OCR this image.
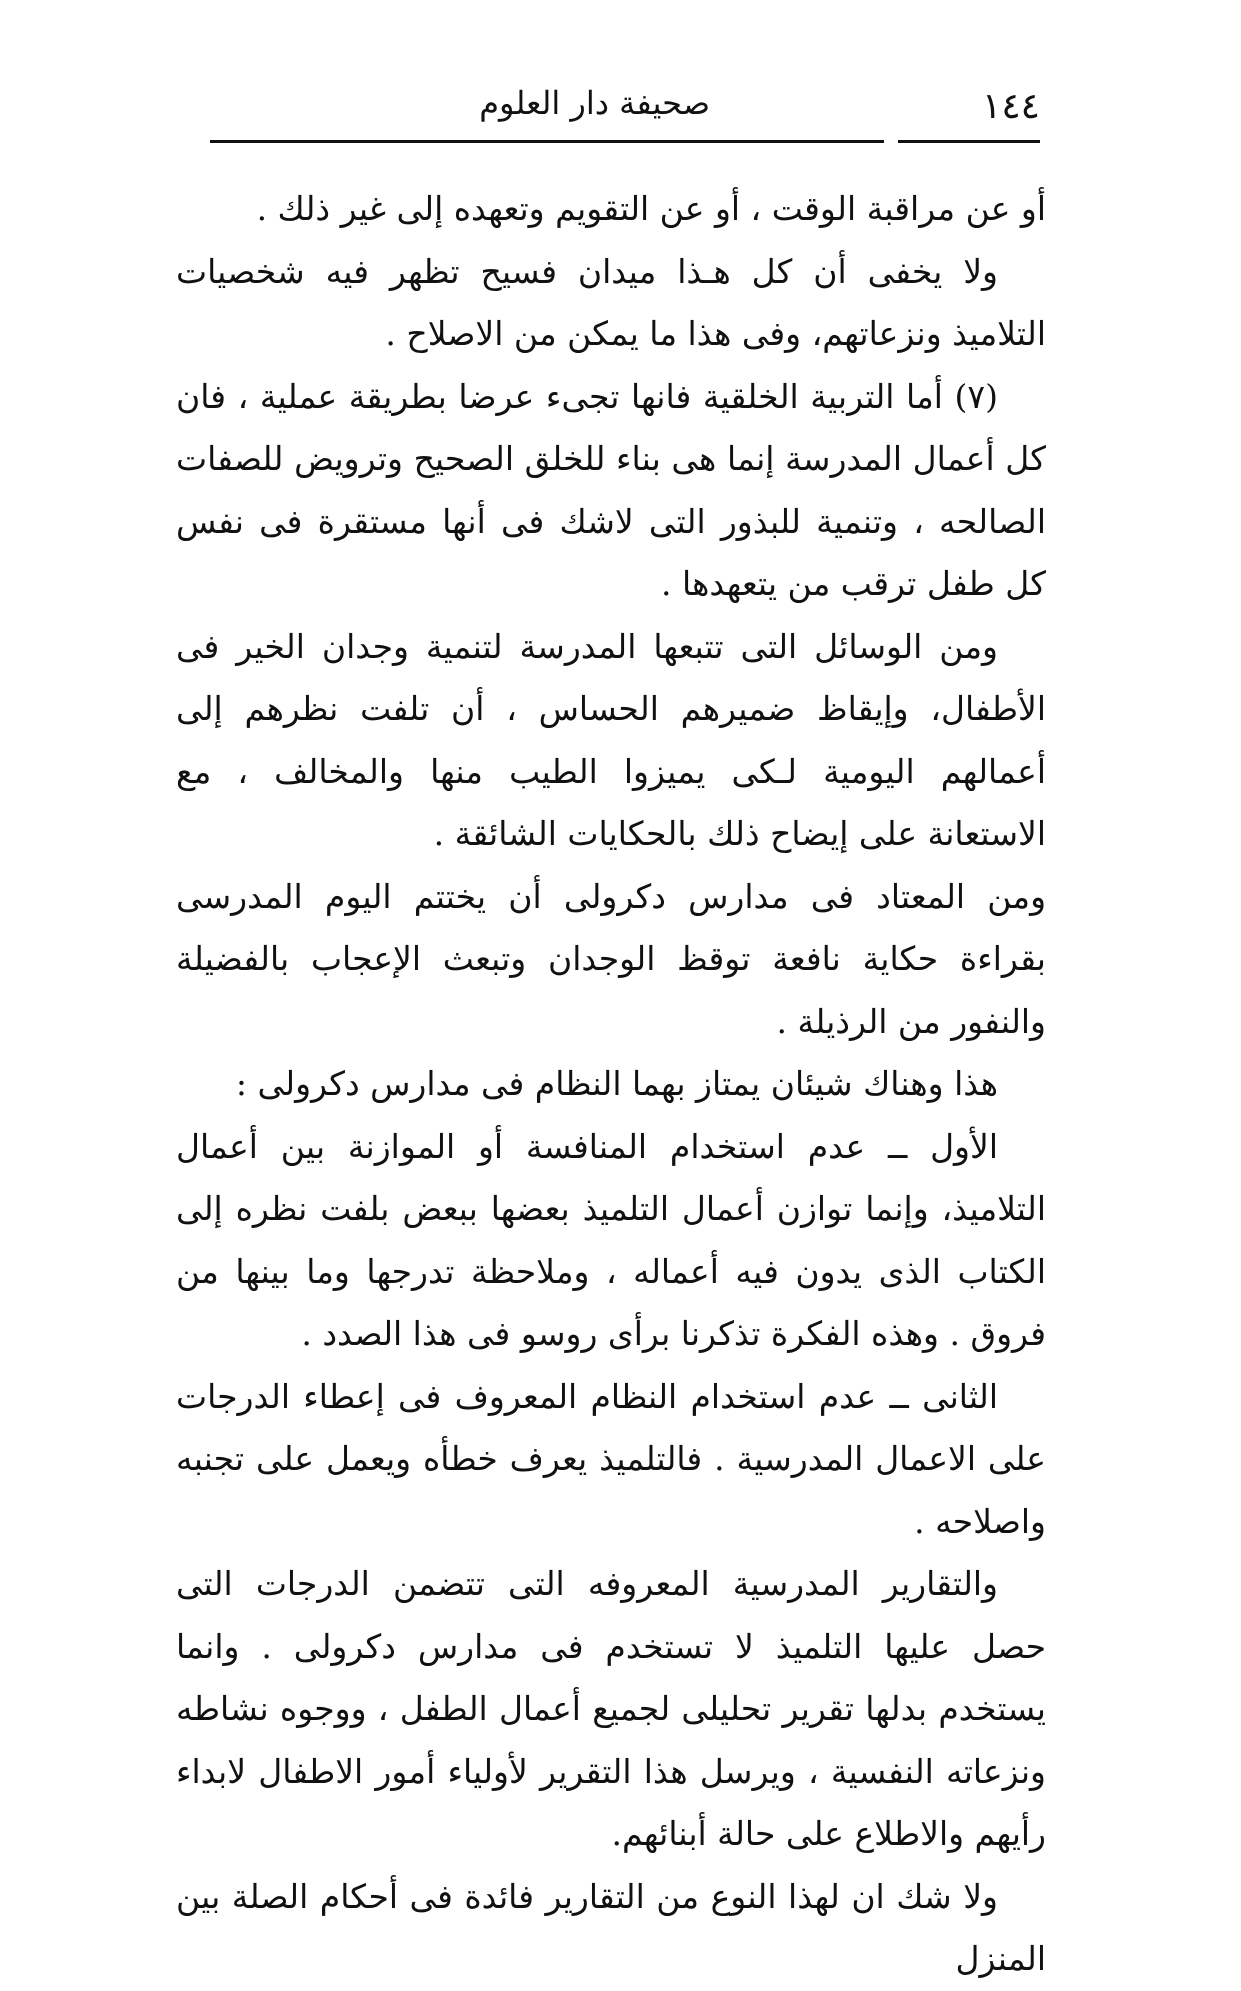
١٤٤
صحيفة دار العلوم

أو عن مراقبة الوقت ، أو عن التقويم وتعهده إلى غير ذلك .

ولا يخفى أن كل هـذا ميدان فسيح تظهر فيه شخصيات التلاميذ ونزعاتهم، وفى هذا ما يمكن من الاصلاح .

(٧) أما التربية الخلقية فانها تجىء عرضا بطريقة عملية ، فان كل أعمال المدرسة إنما هى بناء للخلق الصحيح وترويض للصفات الصالحه ، وتنمية للبذور التى لاشك فى أنها مستقرة فى نفس كل طفل ترقب من يتعهدها .

ومن الوسائل التى تتبعها المدرسة لتنمية وجدان الخير فى الأطفال، وإيقاظ ضميرهم الحساس ، أن تلفت نظرهم إلى أعمالهم اليومية لـكى يميزوا الطيب منها والمخالف ، مع الاستعانة على إيضاح ذلك بالحكايات الشائقة .

ومن المعتاد فى مدارس دكرولى أن يختتم اليوم المدرسى بقراءة حكاية نافعة توقظ الوجدان وتبعث الإعجاب بالفضيلة والنفور من الرذيلة .

هذا وهناك شيئان يمتاز بهما النظام فى مدارس دكرولى :

الأول ــ عدم استخدام المنافسة أو الموازنة بين أعمال التلاميذ، وإنما توازن أعمال التلميذ بعضها ببعض بلفت نظره إلى الكتاب الذى يدون فيه أعماله ، وملاحظة تدرجها وما بينها من فروق . وهذه الفكرة تذكرنا برأى روسو فى هذا الصدد .

الثانى ــ عدم استخدام النظام المعروف فى إعطاء الدرجات على الاعمال المدرسية . فالتلميذ يعرف خطأه ويعمل على تجنبه واصلاحه .

والتقارير المدرسية المعروفه التى تتضمن الدرجات التى حصل عليها التلميذ لا تستخدم فى مدارس دكرولى . وانما يستخدم بدلها تقرير تحليلى لجميع أعمال الطفل ، ووجوه نشاطه ونزعاته النفسية ، ويرسل هذا التقرير لأولياء أمور الاطفال لابداء رأيهم والاطلاع على حالة أبنائهم.

ولا شك ان لهذا النوع من التقارير فائدة فى أحكام الصلة بين المنزل
